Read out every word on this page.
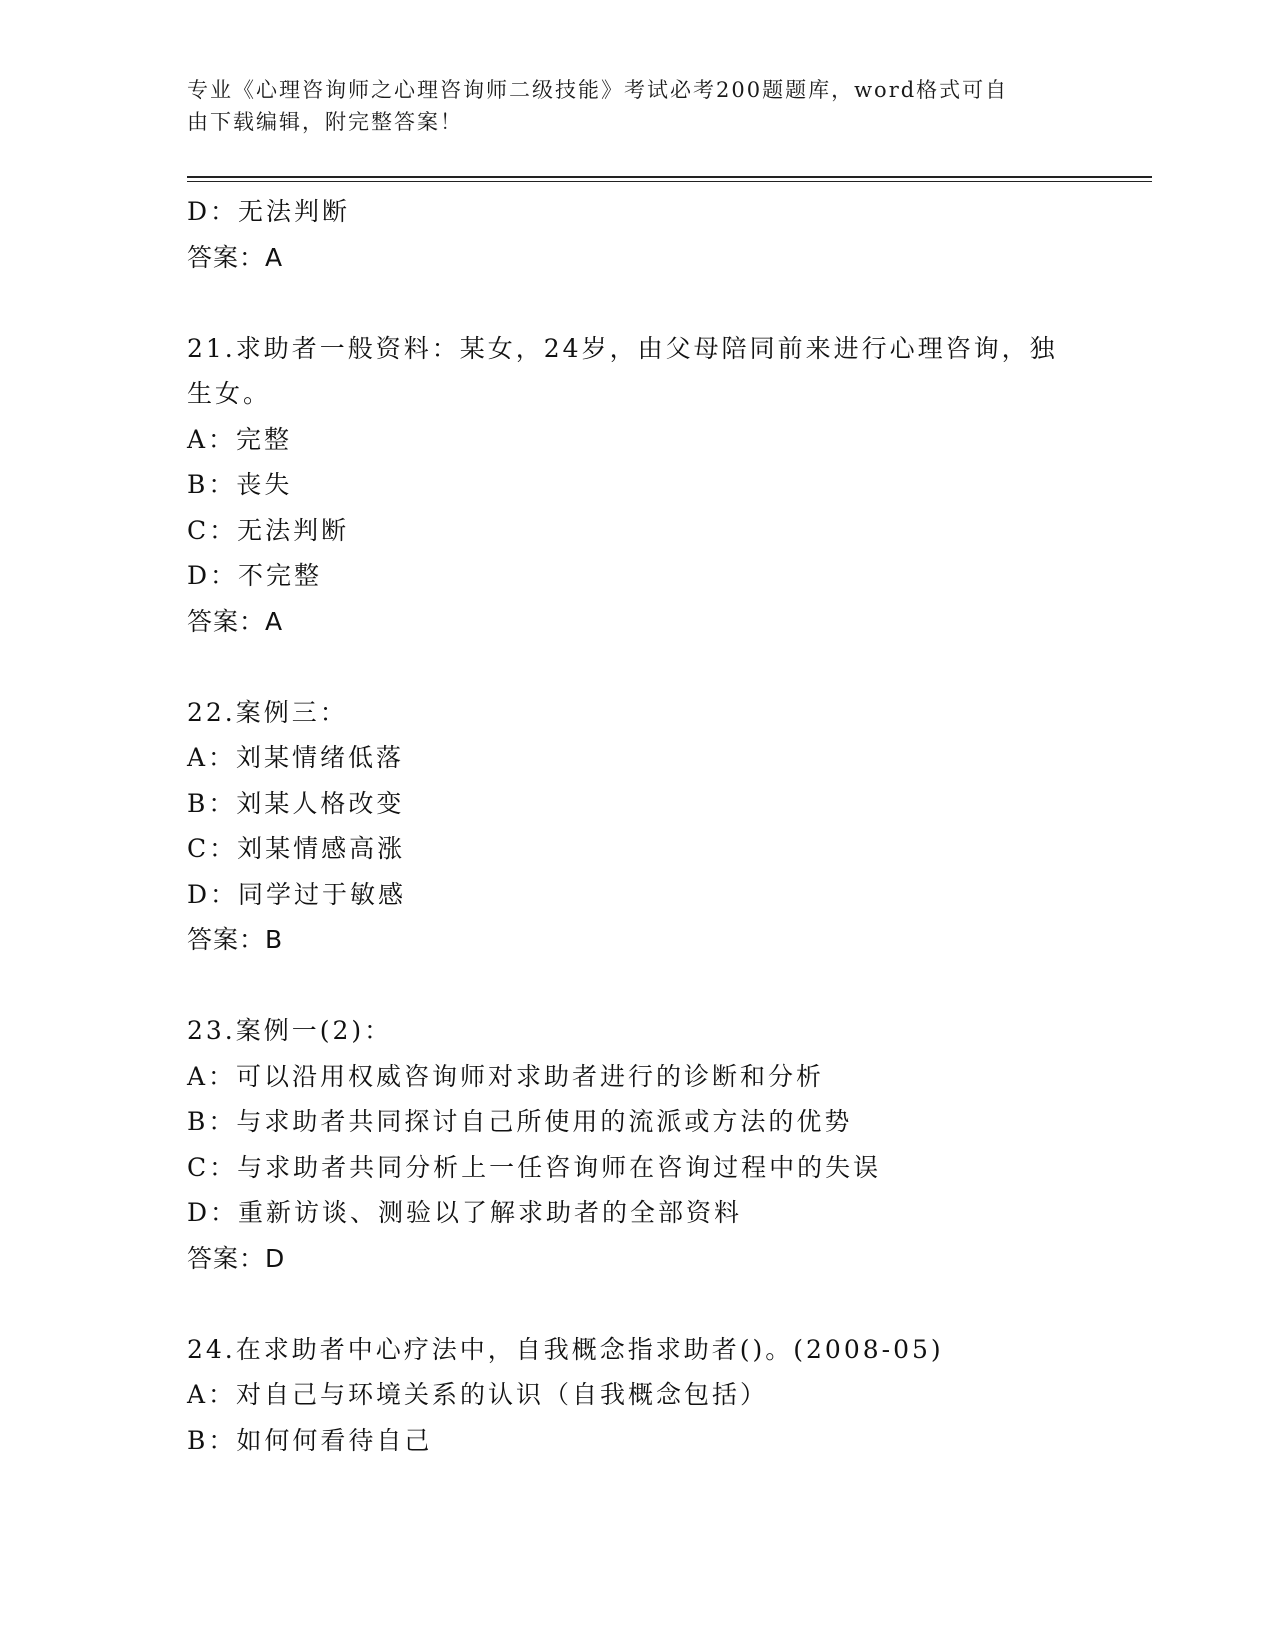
专业《心理咨询师之心理咨询师二级技能》考试必考200题题库，word格式可自
由下载编辑，附完整答案！
D：无法判断
答案：A
21.求助者一般资料：某女，24岁，由父母陪同前来进行心理咨询，独
生女。
A：完整
B：丧失
C：无法判断
D：不完整
答案：A
22.案例三：
A：刘某情绪低落
B：刘某人格改变
C：刘某情感高涨
D：同学过于敏感
答案：B
23.案例一(2)：
A：可以沿用权威咨询师对求助者进行的诊断和分析
B：与求助者共同探讨自己所使用的流派或方法的优势
C：与求助者共同分析上一任咨询师在咨询过程中的失误
D：重新访谈、测验以了解求助者的全部资料
答案：D
24.在求助者中心疗法中，自我概念指求助者()。(2008-05)
A：对自己与环境关系的认识（自我概念包括）
B：如何何看待自己
